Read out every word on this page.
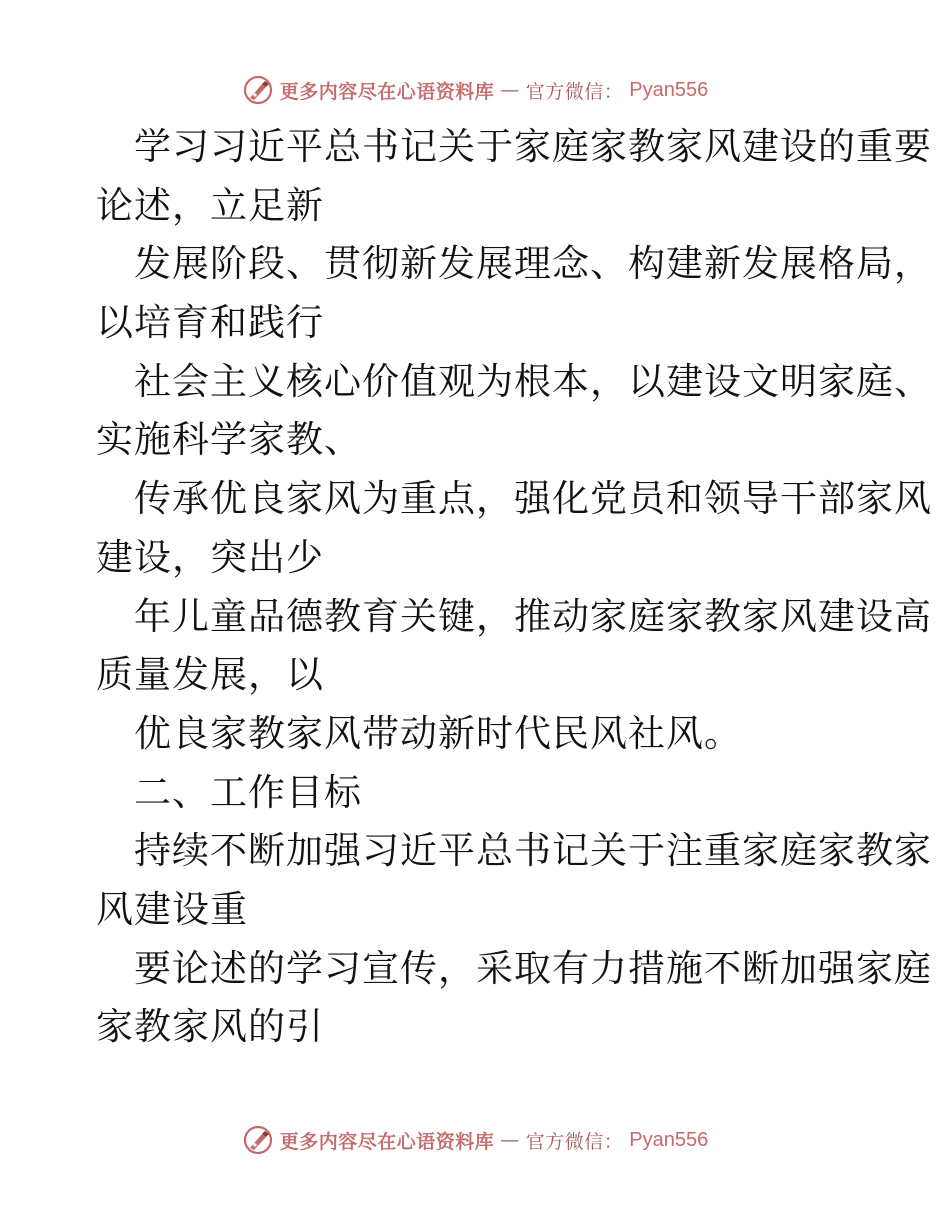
更多内容尽在心语资料库 — 官方微信： Pyan556
学习习近平总书记关于家庭家教家风建设的重要
论述，立足新
发展阶段、贯彻新发展理念、构建新发展格局，
以培育和践行
社会主义核心价值观为根本，以建设文明家庭、
实施科学家教、
传承优良家风为重点，强化党员和领导干部家风
建设，突出少
年儿童品德教育关键，推动家庭家教家风建设高
质量发展，以
优良家教家风带动新时代民风社风。
二、工作目标
持续不断加强习近平总书记关于注重家庭家教家
风建设重
要论述的学习宣传，采取有力措施不断加强家庭
家教家风的引
更多内容尽在心语资料库 — 官方微信： Pyan556
